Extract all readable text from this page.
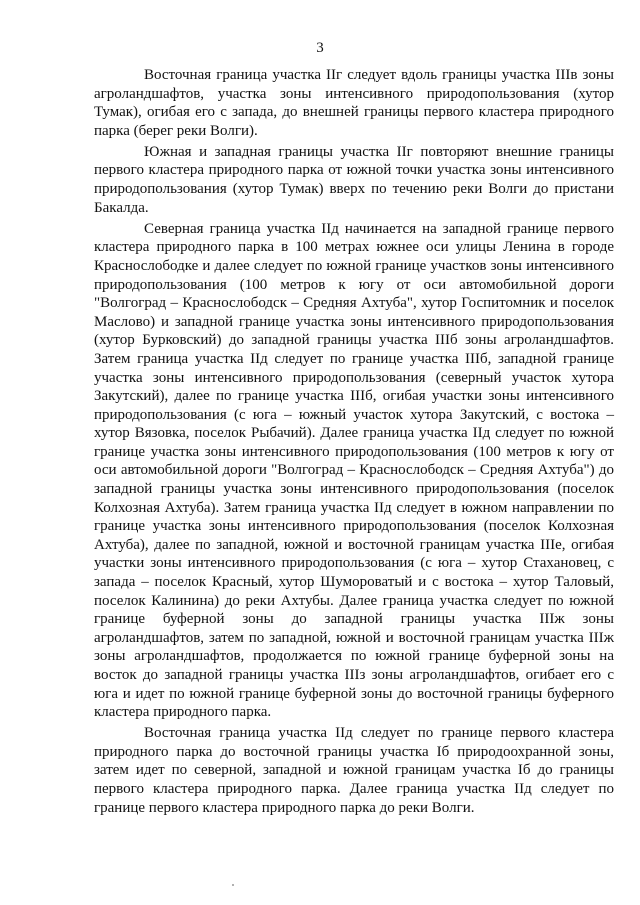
3

Восточная граница участка IIг следует вдоль границы участка IIIв зоны агроландшафтов, участка зоны интенсивного природопользования (хутор Тумак), огибая его с запада, до внешней границы первого кластера природного парка (берег реки Волги).

Южная и западная границы участка IIг повторяют внешние границы первого кластера природного парка от южной точки участка зоны интенсивного природопользования (хутор Тумак) вверх по течению реки Волги до пристани Бакалда.

Северная граница участка IIд начинается на западной границе первого кластера природного парка в 100 метрах южнее оси улицы Ленина в городе Краснослободке и далее следует по южной границе участков зоны интенсивного природопользования (100 метров к югу от оси автомобильной дороги "Волгоград – Краснослободск – Средняя Ахтуба", хутор Госпитомник и поселок Маслово) и западной границе участка зоны интенсивного природопользования (хутор Бурковский) до западной границы участка IIIб зоны агроландшафтов. Затем граница участка IIд следует по границе участка IIIб, западной границе участка зоны интенсивного природопользования (северный участок хутора Закутский), далее по границе участка IIIб, огибая участки зоны интенсивного природопользования (с юга – южный участок хутора Закутский, с востока – хутор Вязовка, поселок Рыбачий). Далее граница участка IIд следует по южной границе участка зоны интенсивного природопользования (100 метров к югу от оси автомобильной дороги "Волгоград – Краснослободск – Средняя Ахтуба") до западной границы участка зоны интенсивного природопользования (поселок Колхозная Ахтуба). Затем граница участка IIд следует в южном направлении по границе участка зоны интенсивного природопользования (поселок Колхозная Ахтуба), далее по западной, южной и восточной границам участка IIIе, огибая участки зоны интенсивного природопользования (с юга – хутор Стахановец, с запада – поселок Красный, хутор Шумороватый и с востока – хутор Таловый, поселок Калинина) до реки Ахтубы. Далее граница участка следует по южной границе буферной зоны до западной границы участка IIIж зоны агроландшафтов, затем по западной, южной и восточной границам участка IIIж зоны агроландшафтов, продолжается по южной границе буферной зоны на восток до западной границы участка IIIз зоны агроландшафтов, огибает его с юга и идет по южной границе буферной зоны до восточной границы буферного кластера природного парка.

Восточная граница участка IIд следует по границе первого кластера природного парка до восточной границы участка Iб природоохранной зоны, затем идет по северной, западной и южной границам участка Iб до границы первого кластера природного парка. Далее граница участка IIд следует по границе первого кластера природного парка до реки Волги.
